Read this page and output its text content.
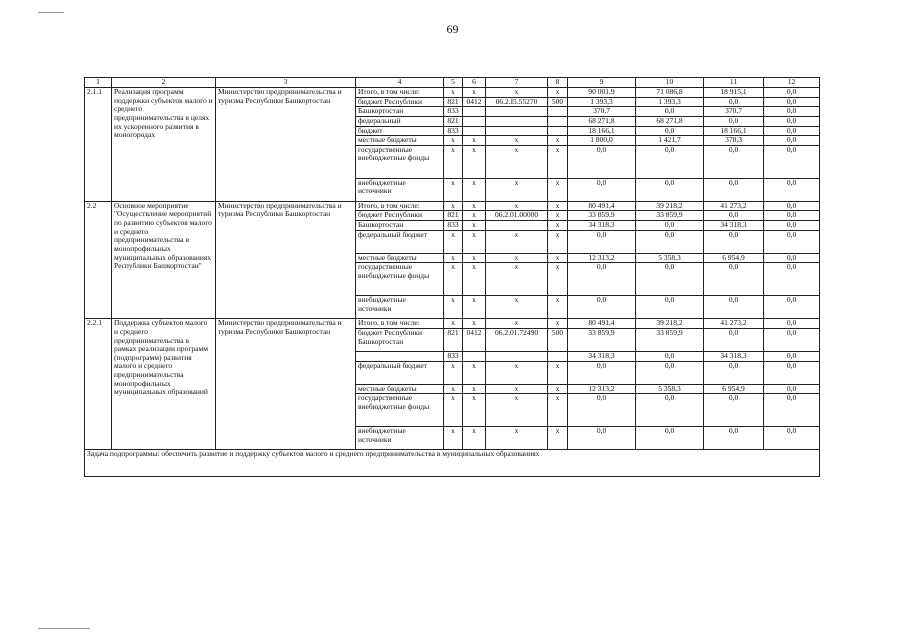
69
1	2	3	4	5	6	7	8	9	10	11	12
2.1.1	Реализация программ поддержки субъектов малого и среднего предпринимательства в целях их ускоренного развития в моногородах	Министерство предпринимательства и туризма Республики Башкортостан	Итого, в том числе:	х	х	х	х	90 001,9	71 086,8	18 915,1	0,0
			бюджет Республики	821	0412	06.2.I5.55270	500	1 393,3	1 393,3	0,0	0,0
			Башкортостан	833				370,7	0,0	370,7	0,0
			федеральный	821				68 271,8	68 271,8	0,0	0,0
			бюджет	833				18 166,1	0,0	18 166,1	0,0
			местные бюджеты	х	х	х	х	1 800,0	1 421,7	378,3	0,0
			государственные внебюджетные фонды	х	х	х	х	0,0	0,0	0,0	0,0
			внебюджетные источники	х	х	х	х	0,0	0,0	0,0	0,0
2.2	Основное мероприятие "Осуществление мероприятий по развитию субъектов малого и среднего предпринимательства в монопрофильных муниципальных образованиях Республики Башкортостан"	Министерство предпринимательства и туризма Республики Башкортостан	Итого, в том числе:	х	х	х	х	80 491,4	39 218,2	41 273,2	0,0
			бюджет Республики	821	х	06.2.01.00000	х	33 859,9	33 859,9	0,0	0,0
			Башкортостан	833	х		х	34 318,3	0,0	34 318,3	0,0
			федеральный бюджет	х	х	х	х	0,0	0,0	0,0	0,0
			местные бюджеты	х	х	х	х	12 313,2	5 358,3	6 954,9	0,0
			государственные внебюджетные фонды	х	х	х	х	0,0	0,0	0,0	0,0
			внебюджетные источники	х	х	х	х	0,0	0,0	0,0	0,0
2.2.1	Поддержка субъектов малого и среднего предпринимательства в рамках реализации программ (подпрограмм) развития малого и среднего предпринимательства монопрофильных муниципальных образований	Министерство предпринимательства и туризма Республики Башкортостан	Итого, в том числе:	х	х	х	х	80 491,4	39 218,2	41 273,2	0,0
			бюджет Республики Башкортостан	821	0412	06.2.01.72490	500	33 859,9	33 859,9	0,0	0,0
				833				34 318,3	0,0	34 318,3	0,0
			федеральный бюджет	х	х	х	х	0,0	0,0	0,0	0,0
			местные бюджеты	х	х	х	х	12 313,2	5 358,3	6 954,9	0,0
			государственные внебюджетные фонды	х	х	х	х	0,0	0,0	0,0	0,0
			внебюджетные источники	х	х	х	х	0,0	0,0	0,0	0,0
Задача подпрограммы: обеспечить развитие и поддержку субъектов малого и среднего предпринимательства в муниципальных образованиях											
